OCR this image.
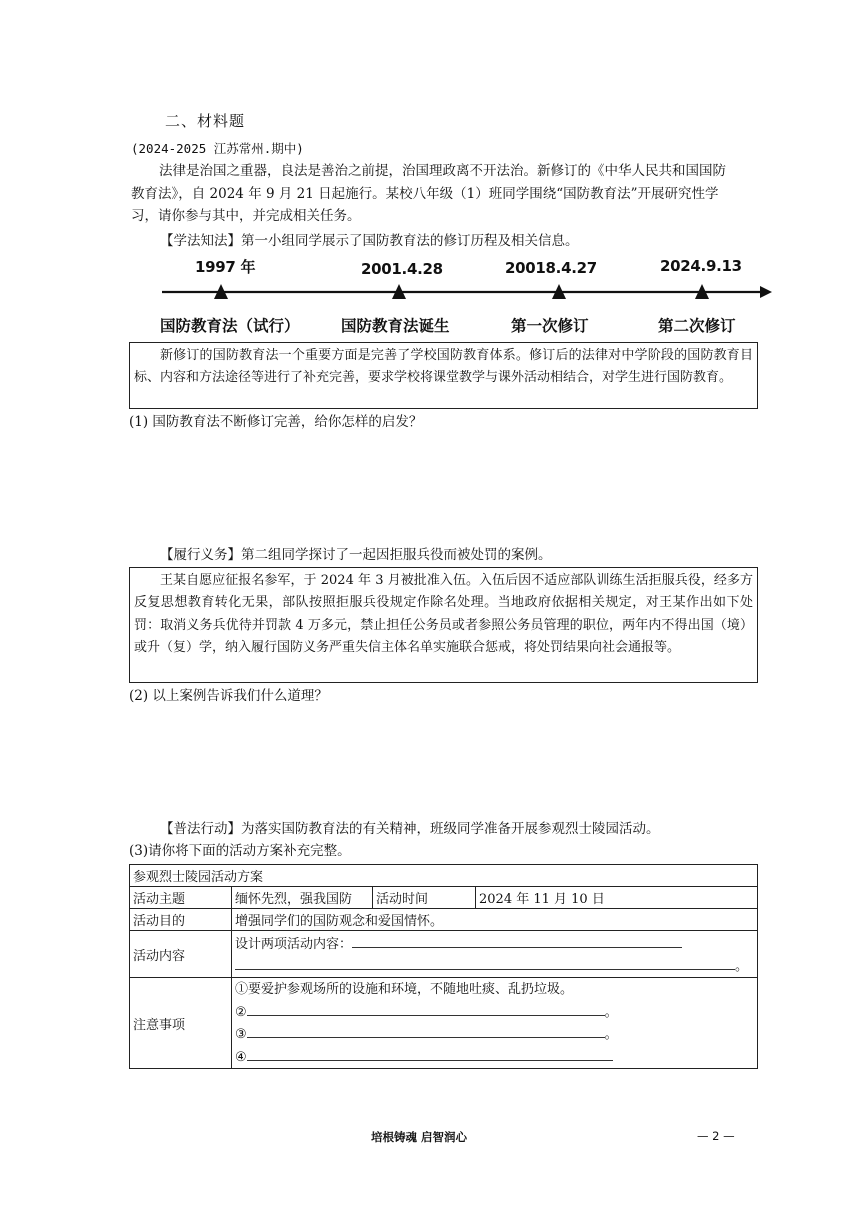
二、材料题
(2024-2025 江苏常州.期中)
法律是治国之重器，良法是善治之前提，治国理政离不开法治。新修订的《中华人民共和国国防教育法》，自 2024 年 9 月 21 日起施行。某校八年级（1）班同学围绕“国防教育法”开展研究性学习，请你参与其中，并完成相关任务。
【学法知法】第一小组同学展示了国防教育法的修订历程及相关信息。
1997 年	2001.4.28	20018.4.27	2024.9.13
国防教育法（试行）	国防教育法诞生	第一次修订	第二次修订
新修订的国防教育法一个重要方面是完善了学校国防教育体系。修订后的法律对中学阶段的国防教育目标、内容和方法途径等进行了补充完善，要求学校将课堂教学与课外活动相结合，对学生进行国防教育。
(1) 国防教育法不断修订完善，给你怎样的启发？
【履行义务】第二组同学探讨了一起因拒服兵役而被处罚的案例。
王某自愿应征报名参军，于 2024 年 3 月被批准入伍。入伍后因不适应部队训练生活拒服兵役，经多方反复思想教育转化无果，部队按照拒服兵役规定作除名处理。当地政府依据相关规定，对王某作出如下处罚：取消义务兵优待并罚款 4 万多元，禁止担任公务员或者参照公务员管理的职位，两年内不得出国（境）或升（复）学，纳入履行国防义务严重失信主体名单实施联合惩戒，将处罚结果向社会通报等。
(2) 以上案例告诉我们什么道理？
【普法行动】为落实国防教育法的有关精神，班级同学准备开展参观烈士陵园活动。
(3)请你将下面的活动方案补充完整。
参观烈士陵园活动方案			
活动主题	缅怀先烈，强我国防	活动时间	2024 年 11 月 10 日
活动目的	增强同学们的国防观念和爱国情怀。		
活动内容	设计两项活动内容：
。		

注意事项	①要爱护参观场所的设施和环境，不随地吐痰、乱扔垃圾。
② 。
③ 。
④		
培根铸魂 启智润心	— 2 —
